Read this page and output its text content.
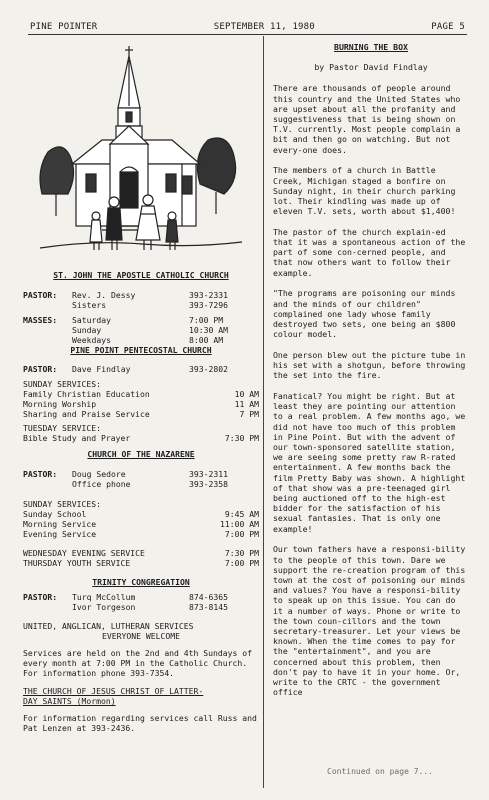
PINE POINTER	SEPTEMBER 11, 1980	PAGE 5
ST. JOHN THE APOSTLE CATHOLIC CHURCH
PASTOR:	Rev. J. Dessy	393-2331
Sisters	393-7296
MASSES:	Saturday	7:00 PM
Sunday	10:30 AM
Weekdays	8:00 AM
PINE POINT PENTECOSTAL CHURCH
PASTOR:	Dave Findlay	393-2802
SUNDAY SERVICES:
Family Christian Education	10 AM
Morning Worship	11 AM
Sharing and Praise Service	7 PM
TUESDAY SERVICE:
Bible Study and Prayer	7:30 PM
CHURCH OF THE NAZARENE
PASTOR:	Doug Sedore	393-2311
Office phone	393-2358
SUNDAY SERVICES:
Sunday School	9:45 AM
Morning Service	11:00 AM
Evening Service	7:00 PM
WEDNESDAY EVENING SERVICE	7:30 PM
THURSDAY YOUTH SERVICE	7:00 PM
TRINITY CONGREGATION
PASTOR:	Turq McCollum	874-6365
Ivor Torgeson	873-8145
UNITED, ANGLICAN, LUTHERAN SERVICES
EVERYONE WELCOME
Services are held on the 2nd and 4th Sundays of every month at 7:00 PM in the Catholic Church.
For information phone 393-7354.
THE CHURCH OF JESUS CHRIST OF LATTER-
DAY SAINTS (Mormon)
For information regarding services call Russ and Pat Lenzen at 393-2436.
BURNING THE BOX
by Pastor David Findlay

There are thousands of people around this country and the United States who are upset about all the profanity and suggestiveness that is being shown on T.V. currently. Most people complain a bit and then go on watching. But not every-one does.

The members of a church in Battle Creek, Michigan staged a bonfire on Sunday night, in their church parking lot. Their kindling was made up of eleven T.V. sets, worth about $1,400!

The pastor of the church explain-ed that it was a spontaneous action of the part of some con-cerned people, and that now others want to follow their example.

"The programs are poisoning our minds and the minds of our children" complained one lady whose family destroyed two sets, one being an $800 colour model.

One person blew out the picture tube in his set with a shotgun, before throwing the set into the fire.

Fanatical? You might be right. But at least they are pointing our attention to a real problem. A few months ago, we did not have too much of this problem in Pine Point. But with the advent of our town-sponsored satellite station, we are seeing some pretty raw R-rated entertainment. A few months back the film Pretty Baby was shown. A highlight of that show was a pre-teenaged girl being auctioned off to the high-est bidder for the satisfaction of his sexual fantasies. That is only one example!

Our town fathers have a responsi-bility to the people of this town. Dare we support the re-creation program of this town at the cost of poisoning our minds and values? You have a responsi-bility to speak up on this issue. You can do it a number of ways. Phone or write to the town coun-cillors and the town secretary-treasurer. Let your views be known. When the time comes to pay for the "entertainment", and you are concerned about this problem, then don't pay to have it in your home. Or, write to the CRTC - the government office

Continued on page 7...
